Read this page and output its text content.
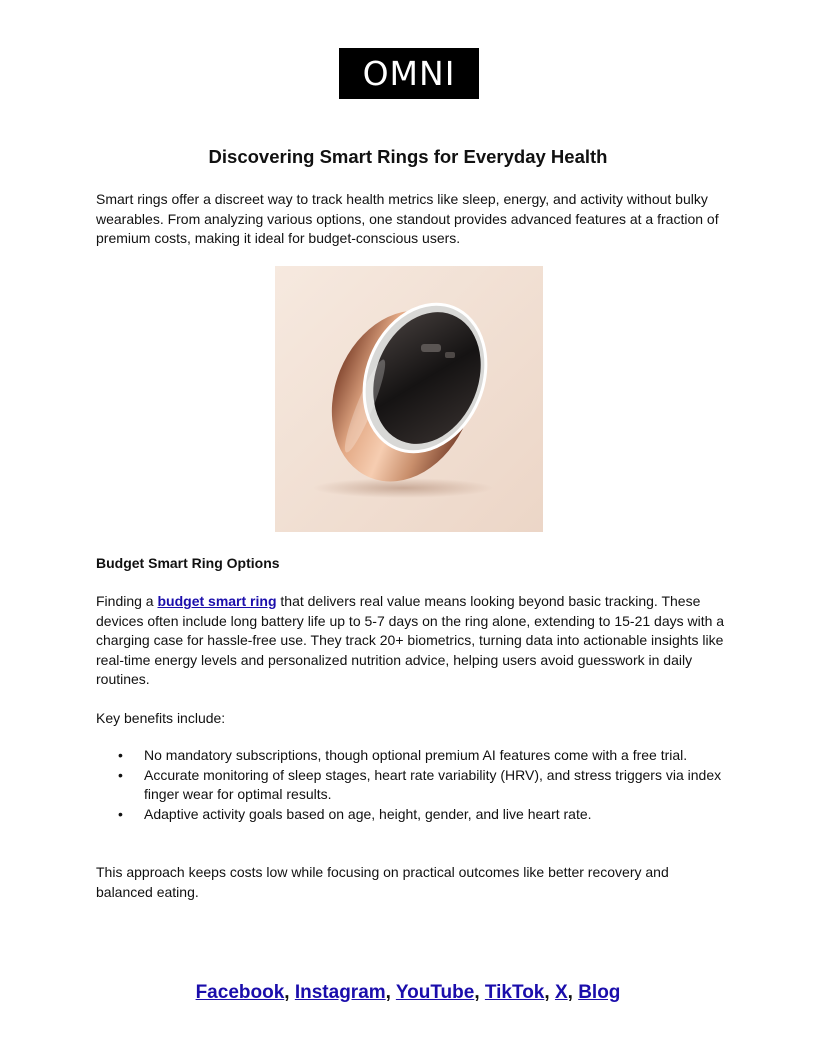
OMNI
Discovering Smart Rings for Everyday Health

Smart rings offer a discreet way to track health metrics like sleep, energy, and activity without bulky wearables. From analyzing various options, one standout provides advanced features at a fraction of premium costs, making it ideal for budget-conscious users.

Budget Smart Ring Options

Finding a budget smart ring that delivers real value means looking beyond basic tracking. These devices often include long battery life up to 5-7 days on the ring alone, extending to 15-21 days with a charging case for hassle-free use. They track 20+ biometrics, turning data into actionable insights like real-time energy levels and personalized nutrition advice, helping users avoid guesswork in daily routines.

Key benefits include:

• No mandatory subscriptions, though optional premium AI features come with a free trial.
• Accurate monitoring of sleep stages, heart rate variability (HRV), and stress triggers via index finger wear for optimal results.
• Adaptive activity goals based on age, height, gender, and live heart rate.

This approach keeps costs low while focusing on practical outcomes like better recovery and balanced eating.

Facebook, Instagram, YouTube, TikTok, X, Blog
